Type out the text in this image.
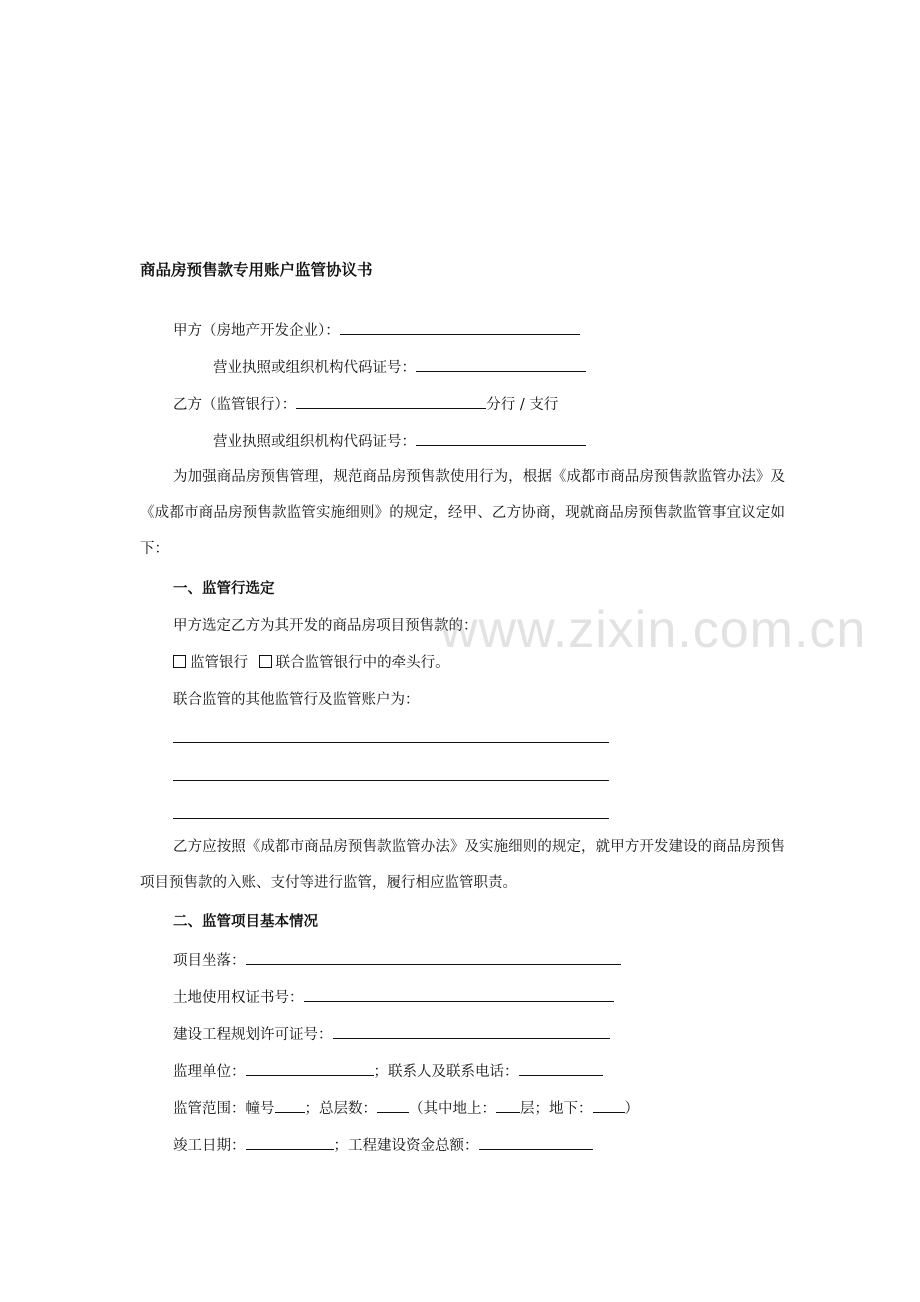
商品房预售款专用账户监管协议书
甲方（房地产开发企业）：
营业执照或组织机构代码证号：
乙方（监管银行）：	分行 / 支行
营业执照或组织机构代码证号：
为加强商品房预售管理，规范商品房预售款使用行为，根据《成都市商品房预售款监管办法》及《成都市商品房预售款监管实施细则》的规定，经甲、乙方协商，现就商品房预售款监管事宜议定如下：
一、监管行选定
甲方选定乙方为其开发的商品房项目预售款的：
监管银行 联合监管银行中的牵头行。
联合监管的其他监管行及监管账户为：
乙方应按照《成都市商品房预售款监管办法》及实施细则的规定，就甲方开发建设的商品房预售项目预售款的入账、支付等进行监管，履行相应监管职责。
二、监管项目基本情况
项目坐落：
土地使用权证书号：
建设工程规划许可证号：
监理单位：	；联系人及联系电话：
监管范围：幢号 ；总层数： （其中地上： 层；地下： ）
竣工日期：	；工程建设资金总额：
www.zixin.com.cn
